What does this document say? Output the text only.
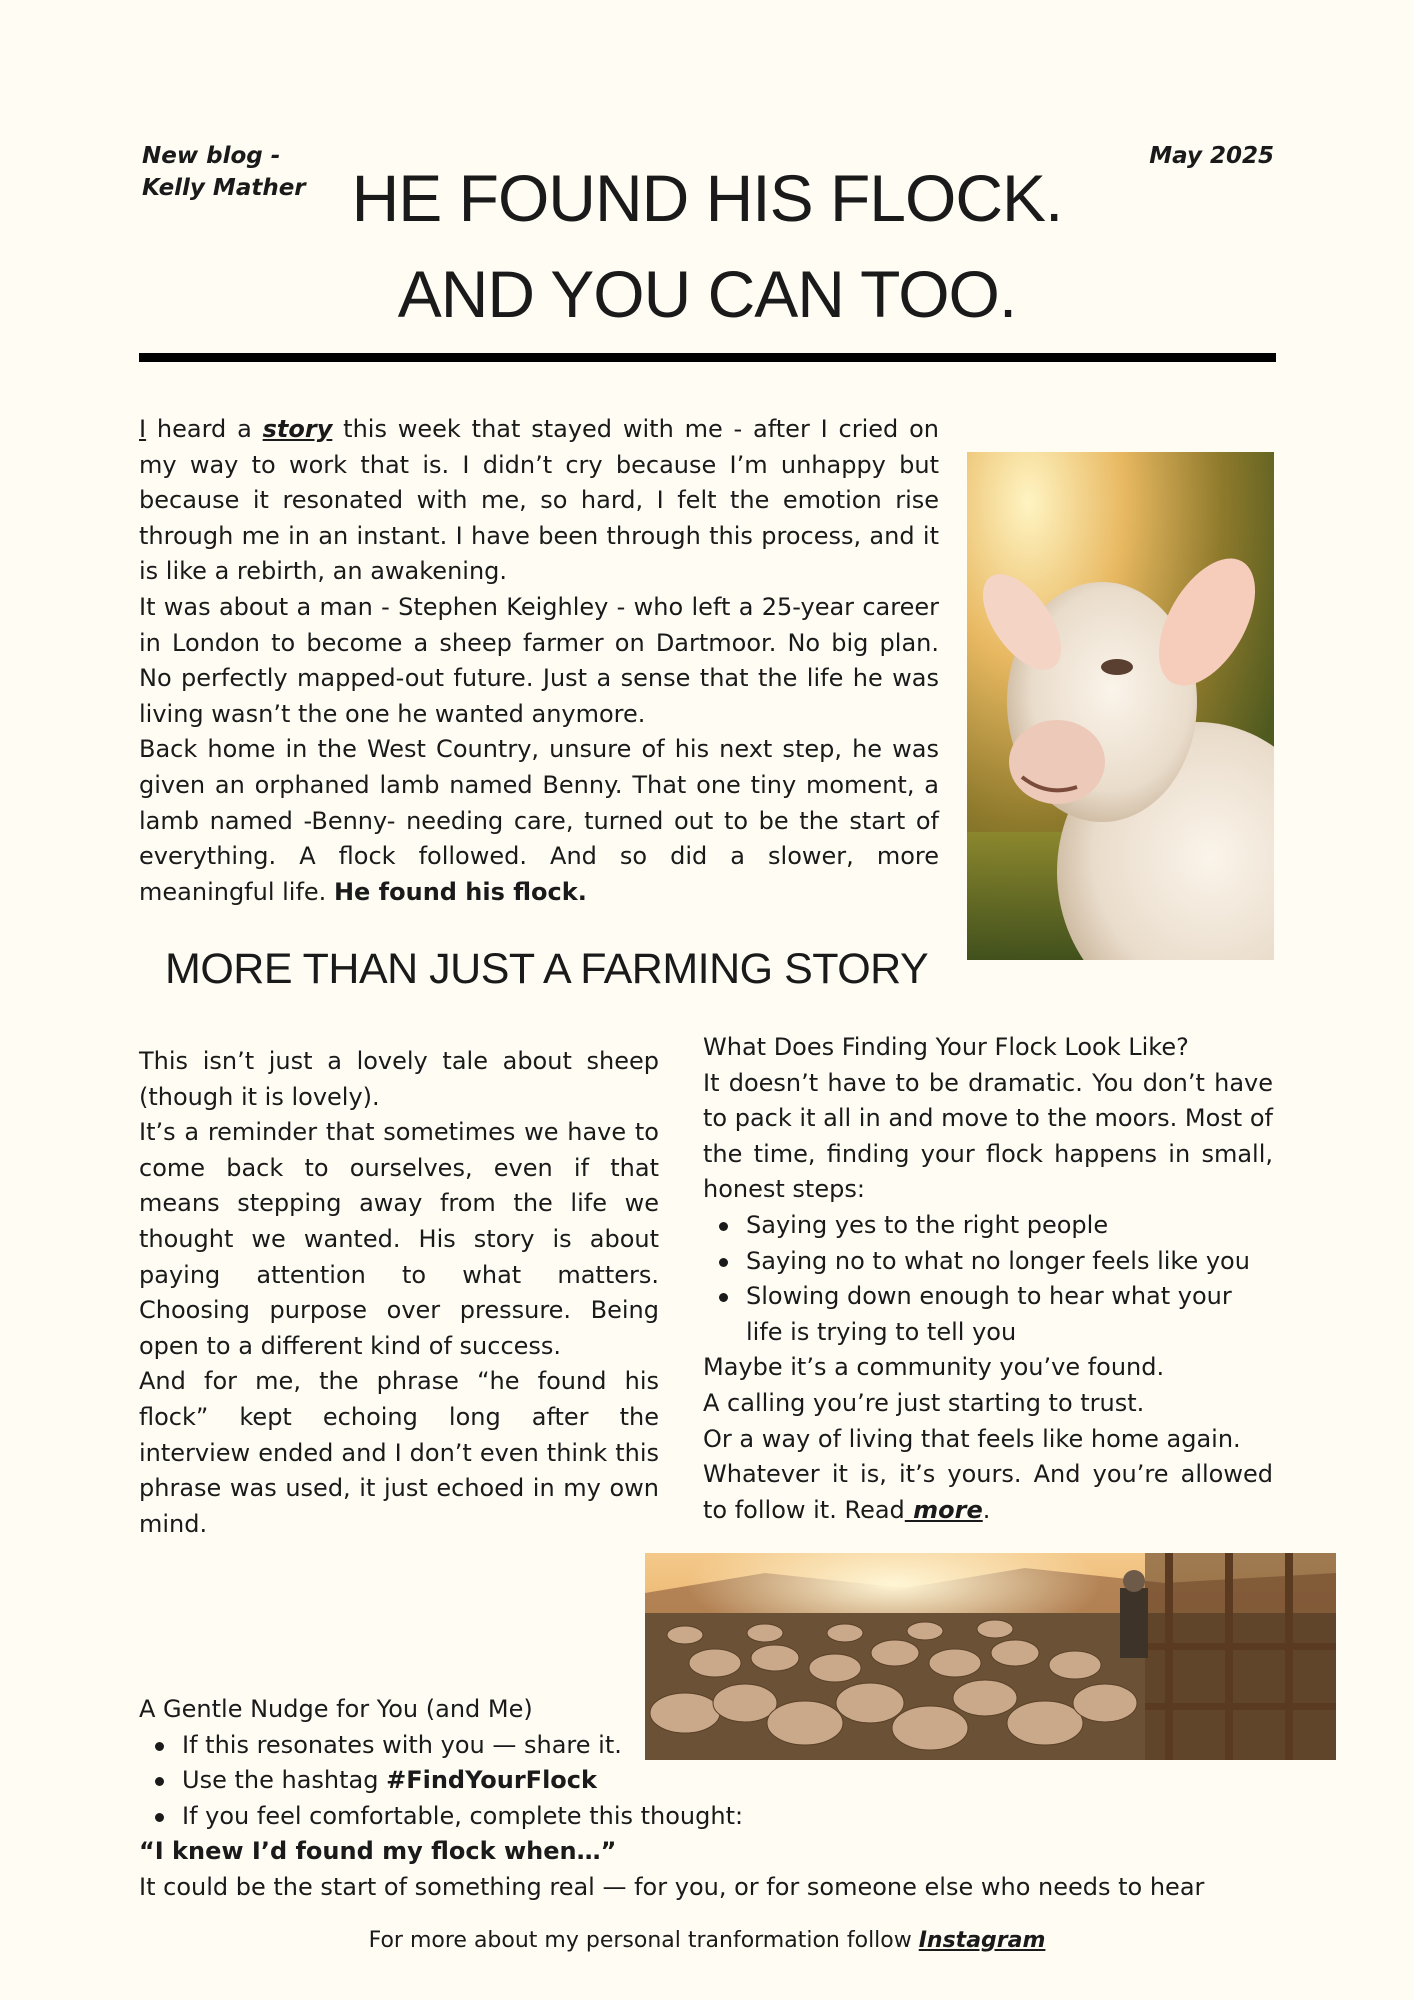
New blog -
Kelly Mather
May 2025
HE FOUND HIS FLOCK.
AND YOU CAN TOO.

I heard a story this week that stayed with me - after I cried on my way to work that is. I didn’t cry because I’m unhappy but because it resonated with me, so hard, I felt the emotion rise through me in an instant. I have been through this process, and it is like a rebirth, an awakening.

It was about a man - Stephen Keighley - who left a 25-year career in London to become a sheep farmer on Dartmoor. No big plan. No perfectly mapped-out future. Just a sense that the life he was living wasn’t the one he wanted anymore.

Back home in the West Country, unsure of his next step, he was given an orphaned lamb named Benny. That one tiny moment, a lamb named -Benny- needing care, turned out to be the start of everything. A flock followed. And so did a slower, more meaningful life. He found his flock.

MORE THAN JUST A FARMING STORY

This isn’t just a lovely tale about sheep (though it is lovely).

It’s a reminder that sometimes we have to come back to ourselves, even if that means stepping away from the life we thought we wanted. His story is about paying attention to what matters. Choosing purpose over pressure. Being open to a different kind of success.

And for me, the phrase “he found his flock” kept echoing long after the interview ended and I don’t even think this phrase was used, it just echoed in my own mind.

What Does Finding Your Flock Look Like?

It doesn’t have to be dramatic. You don’t have to pack it all in and move to the moors. Most of the time, finding your flock happens in small, honest steps:

Saying yes to the right people
Saying no to what no longer feels like you
Slowing down enough to hear what your life is trying to tell you
Maybe it’s a community you’ve found.
A calling you’re just starting to trust.
Or a way of living that feels like home again.

Whatever it is, it’s yours. And you’re allowed to follow it. Read more.

A Gentle Nudge for You (and Me)
If this resonates with you — share it.
Use the hashtag #FindYourFlock
If you feel comfortable, complete this thought:
“I knew I’d found my flock when…”
It could be the start of something real — for you, or for someone else who needs to hear
For more about my personal tranformation follow Instagram
